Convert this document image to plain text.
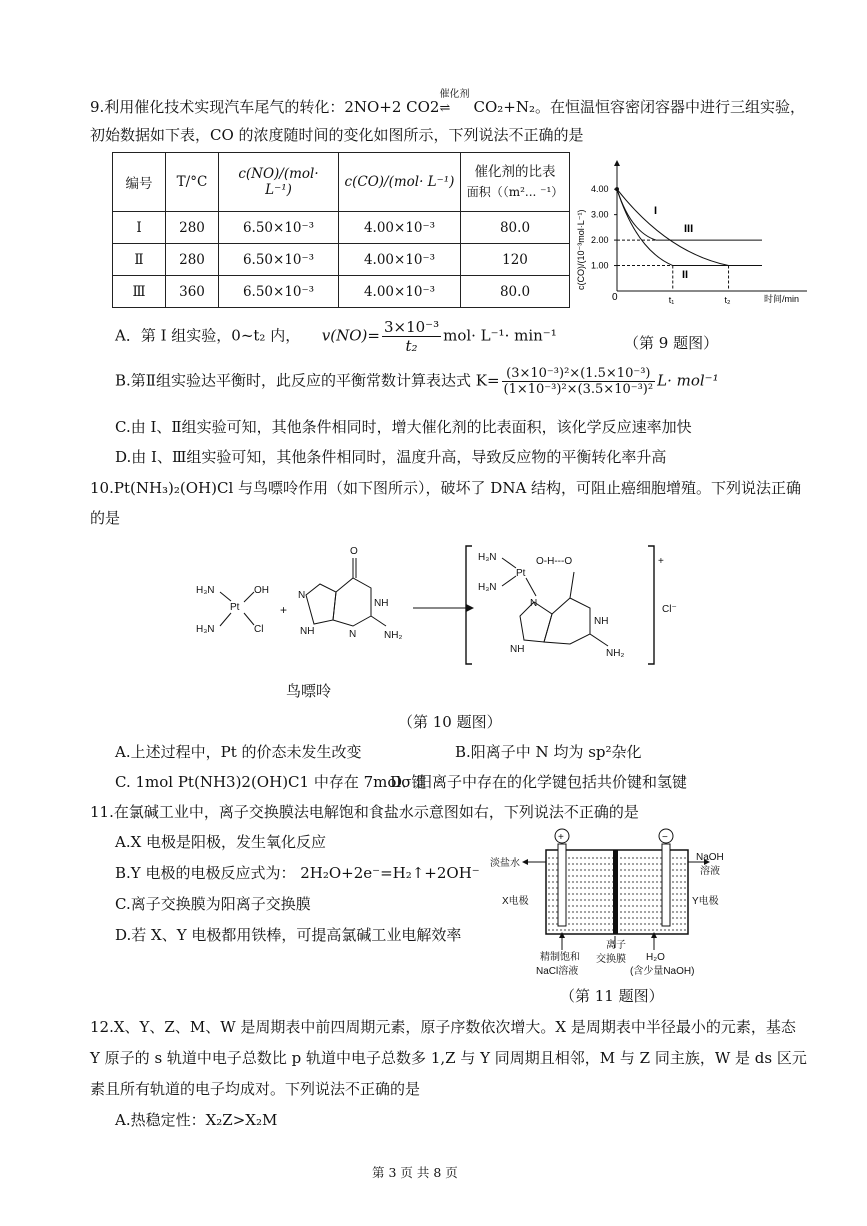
9.利用催化技术实现汽车尾气的转化：2NO+2 CO2
催化剂
⇌ CO₂+N₂。在恒温恒容密闭容器中进行三组实验，
初始数据如下表，CO 的浓度随时间的变化如图所示，下列说法不正确的是
编号	T/°C	c(NO)/(mol· L⁻¹)	c(CO)/(mol· L⁻¹)	催化剂的比表
面积（（m²... ⁻¹）

I	280	6.50×10⁻³	4.00×10⁻³	80.0
Ⅱ	280	6.50×10⁻³	4.00×10⁻³	120
Ⅲ	360	6.50×10⁻³	4.00×10⁻³	80.0
c(CO)/(10⁻³mol·L⁻¹) 1.00
2.00
3.00
4.00
t₁	t₂
0	时间/min
I
III
II
A．第 I 组实验，0~t₂ 内， $v(NO)= \frac{\text{3×10⁻³}}{\text{t₂}} mol\cdot L^{-1}\cdot \min^{-1}$	（第 9 题图）
B.第Ⅱ组实验达平衡时，此反应的平衡常数计算表达式 $K= \frac{\text{(3×10⁻³)²×(1.5×10⁻³)}}{\text{(1×10⁻³)²×(3.5×10⁻³)²}} L\cdot mol^{-1}$
C.由 I、Ⅱ组实验可知，其他条件相同时，增大催化剂的比表面积，该化学反应速率加快
D.由 I、Ⅲ组实验可知，其他条件相同时，温度升高，导致反应物的平衡转化率升高
10.Pt(NH₃)₂(OH)Cl 与鸟嘌呤作用（如下图所示），破坏了 DNA 结构，可阻止癌细胞增殖。下列说法正确
的是
H₃N
Pt
OH
H₃N	Cl
+
O
NH
N
NH	N	NH₂
+
Cl⁻
H₃N
H₃N
Pt
O-H---O
N
NH
NH	NH₂
鸟嘌呤
（第 10 题图）
A.上述过程中，Pt 的价态未发生改变	B.阳离子中 N 均为 sp²杂化
C. 1mol Pt(NH3)2(OH)C1 中存在 7molσ键
D．阳离子中存在的化学键包括共价键和氢键
11.在氯碱工业中，离子交换膜法电解饱和食盐水示意图如右，下列说法不正确的是
A.X 电极是阳极，发生氧化反应
B.Y 电极的电极反应式为： 2H₂O+2e⁻=H₂↑+2OH⁻
C.离子交换膜为阳离子交换膜
D.若 X、Y 电极都用铁棒，可提高氯碱工业电解效率
+	−
淡盐水
NaOH
溶液
X电极	Y电极
精制饱和
NaCl溶液
离子
交换膜 H₂O
(含少量NaOH)
（第 11 题图）
12.X、Y、Z、M、W 是周期表中前四周期元素，原子序数依次增大。X 是周期表中半径最小的元素，基态
Y 原子的 s 轨道中电子总数比 p 轨道中电子总数多 1,Z 与 Y 同周期且相邻，M 与 Z 同主族，W 是 ds 区元
素且所有轨道的电子均成对。下列说法不正确的是
A.热稳定性：X₂Z>X₂M
第 3 页 共 8 页
